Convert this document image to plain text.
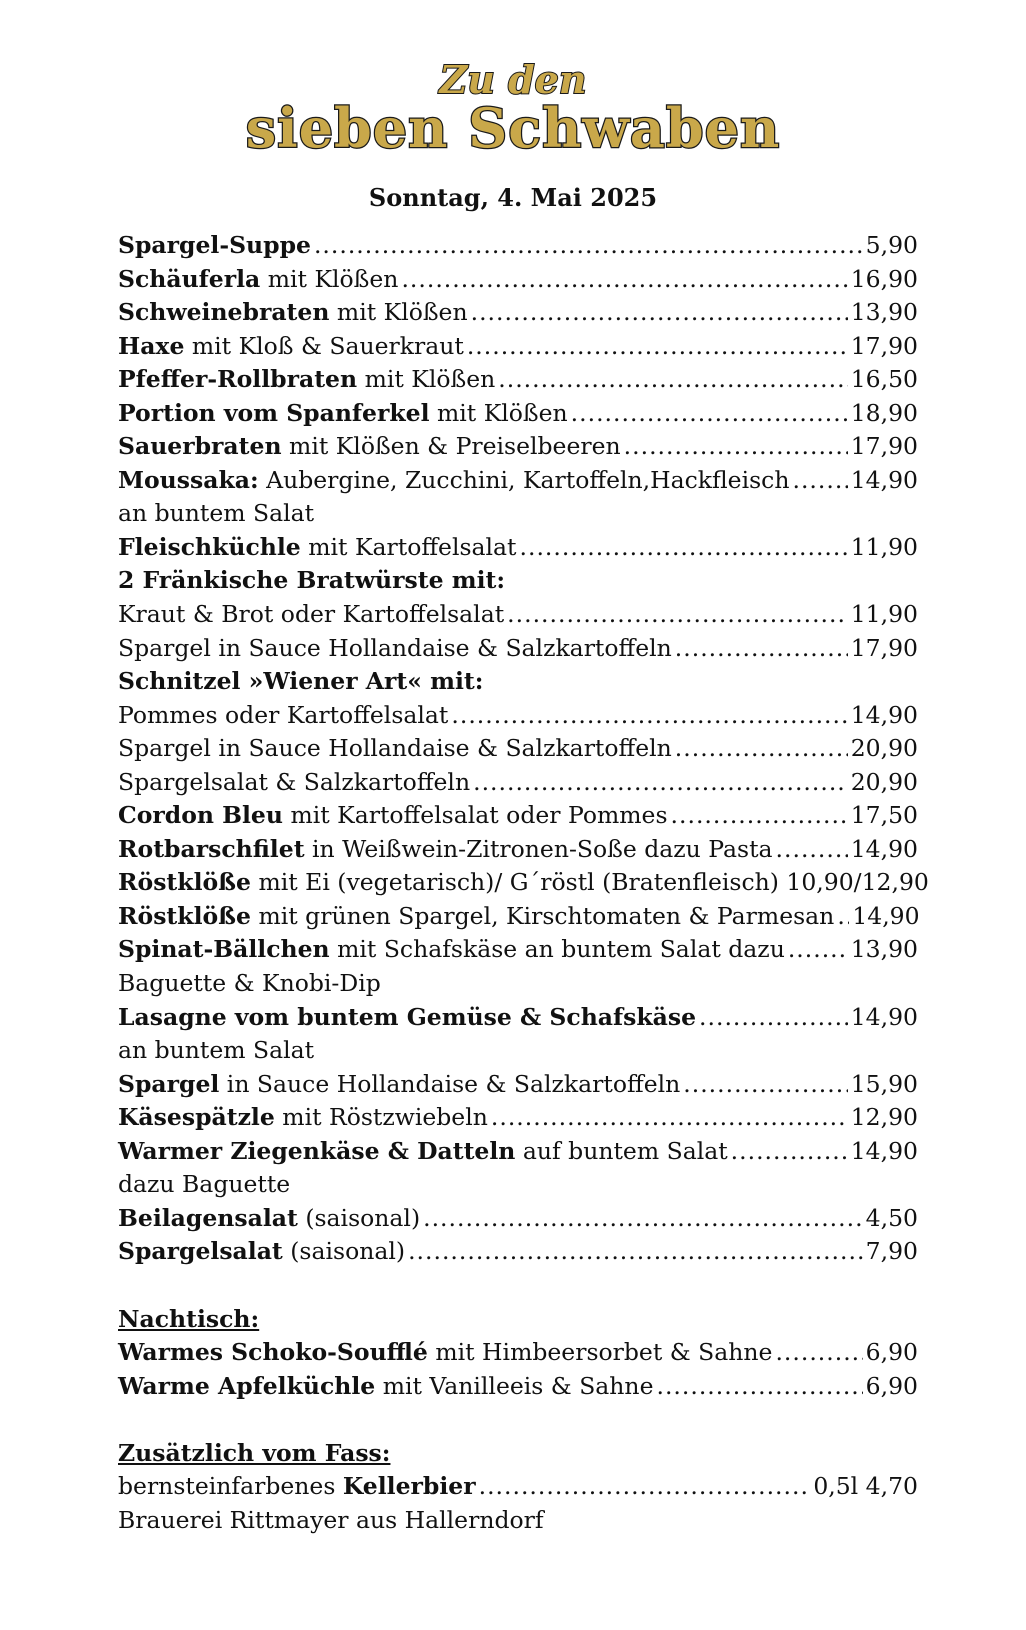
Zu den
sieben Schwaben
Sonntag, 4. Mai 2025
Spargel-Suppe .....	5,90
Schäuferla mit Klößen .....	16,90
Schweinebraten mit Klößen .....	13,90
Haxe mit Kloß & Sauerkraut .....	17,90
Pfeffer-Rollbraten mit Klößen .....	16,50
Portion vom Spanferkel mit Klößen .....	18,90
Sauerbraten mit Klößen & Preiselbeeren .....	17,90
Moussaka: Aubergine, Zucchini, Kartoffeln,Hackfleisch .....	14,90
an buntem Salat
Fleischküchle mit Kartoffelsalat .....	11,90
2 Fränkische Bratwürste mit:
Kraut & Brot oder Kartoffelsalat .....	11,90
Spargel in Sauce Hollandaise & Salzkartoffeln .....	17,90
Schnitzel »Wiener Art« mit:
Pommes oder Kartoffelsalat .....	14,90
Spargel in Sauce Hollandaise & Salzkartoffeln .....	20,90
Spargelsalat & Salzkartoffeln .....	20,90
Cordon Bleu mit Kartoffelsalat oder Pommes .....	17,50
Rotbarschfilet in Weißwein-Zitronen-Soße dazu Pasta .....	14,90
Röstklöße mit Ei (vegetarisch)/ G´röstl (Bratenfleisch) 10,90/12,90
Röstklöße mit grünen Spargel, Kirschtomaten & Parmesan ..... 14,90
Spinat-Bällchen mit Schafskäse an buntem Salat dazu .....	13,90
Baguette & Knobi-Dip
Lasagne vom buntem Gemüse & Schafskäse .....	14,90
an buntem Salat
Spargel in Sauce Hollandaise & Salzkartoffeln .....	15,90
Käsespätzle mit Röstzwiebeln .....	12,90
Warmer Ziegenkäse & Datteln auf buntem Salat .....	14,90
dazu Baguette
Beilagensalat (saisonal) .....	4,50
Spargelsalat (saisonal) .....	7,90
Nachtisch:
Warmes Schoko-Soufflé mit Himbeersorbet & Sahne .....	6,90
Warme Apfelküchle mit Vanilleeis & Sahne .....	6,90
Zusätzlich vom Fass:
bernsteinfarbenes Kellerbier .....	0,5l 4,70
Brauerei Rittmayer aus Hallerndorf
